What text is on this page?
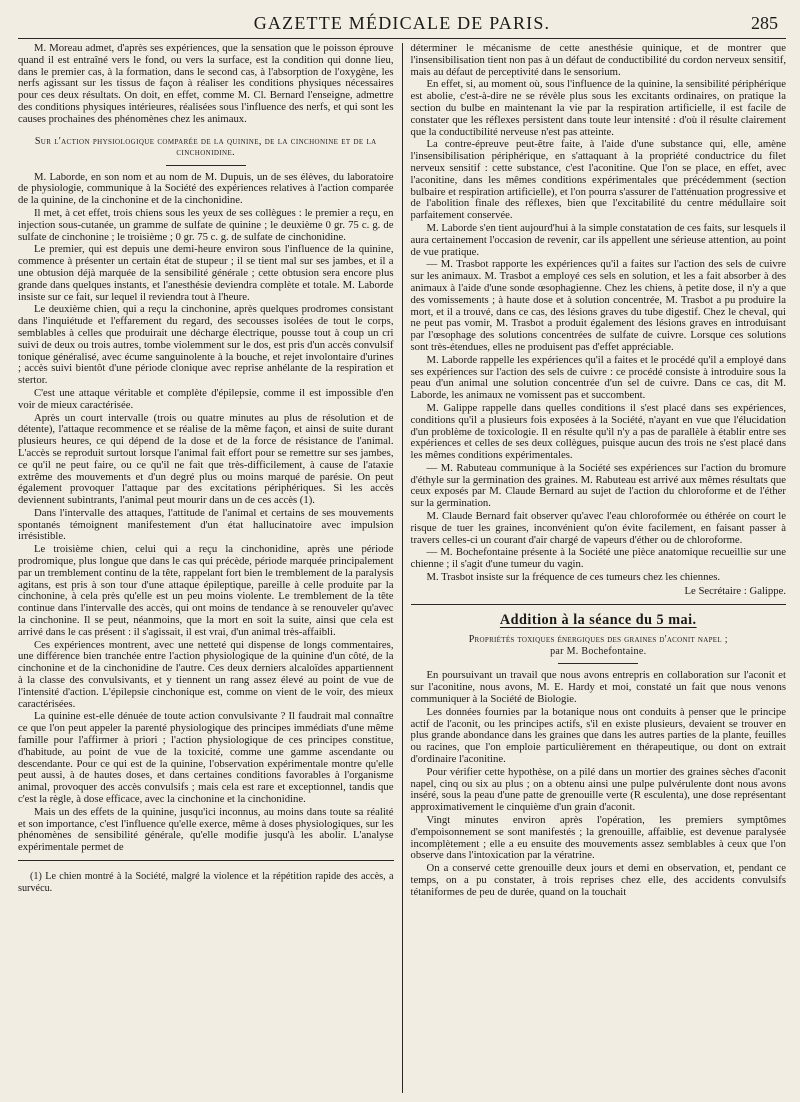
GAZETTE MÉDICALE DE PARIS.	285

M. Moreau admet, d'après ses expériences, que la sensation que le poisson éprouve quand il est entraîné vers le fond, ou vers la surface, est la condition qui donne lieu, dans le premier cas, à la formation, dans le second cas, à l'absorption de l'oxygène, les nerfs agissant sur les tissus de façon à réaliser les conditions physiques nécessaires pour ces deux résultats. On doit, en effet, comme M. Cl. Bernard l'enseigne, admettre des conditions physiques intérieures, réalisées sous l'influence des nerfs, et qui sont les causes prochaines des phénomènes chez les animaux.

Sur l'action physiologique comparée de la quinine, de la cinchonine et de la cinchonidine.

M. Laborde, en son nom et au nom de M. Dupuis, un de ses élèves, du laboratoire de physiologie, communique à la Société des expériences relatives à l'action comparée de la quinine, de la cinchonine et de la cinchonidine.

Il met, à cet effet, trois chiens sous les yeux de ses collègues : le premier a reçu, en injection sous-cutanée, un gramme de sulfate de quinine ; le deuxième 0 gr. 75 c. g. de sulfate de cinchonine ; le troisième ; 0 gr. 75 c. g. de sulfate de cinchonidine.

Le premier, qui est depuis une demi-heure environ sous l'influence de la quinine, commence à présenter un certain état de stupeur ; il se tient mal sur ses jambes, et il a une obtusion déjà marquée de la sensibilité générale ; cette obtusion sera encore plus grande dans quelques instants, et l'anesthésie deviendra complète et totale. M. Laborde insiste sur ce fait, sur lequel il reviendra tout à l'heure.

Le deuxième chien, qui a reçu la cinchonine, après quelques prodromes consistant dans l'inquiétude et l'effarement du regard, des secousses isolées de tout le corps, semblables à celles que produirait une décharge électrique, pousse tout à coup un cri suivi de deux ou trois autres, tombe violemment sur le dos, est pris d'un accès convulsif tonique généralisé, avec écume sanguinolente à la bouche, et rejet involontaire d'urines ; accès suivi bientôt d'une période clonique avec reprise anhélante de la respiration et stertor.

C'est une attaque véritable et complète d'épilepsie, comme il est impossible d'en voir de mieux caractérisée.

Après un court intervalle (trois ou quatre minutes au plus de résolution et de détente), l'attaque recommence et se réalise de la même façon, et ainsi de suite durant plusieurs heures, ce qui dépend de la dose et de la force de résistance de l'animal. L'accès se reproduit surtout lorsque l'animal fait effort pour se remettre sur ses jambes, ce qu'il ne peut faire, ou ce qu'il ne fait que très-difficilement, à cause de l'ataxie extrême des mouvements et d'un degré plus ou moins marqué de parésie. On peut également provoquer l'attaque par des excitations périphériques. Si les accès deviennent subintrants, l'animal peut mourir dans un de ces accès (1).

Dans l'intervalle des attaques, l'attitude de l'animal et certains de ses mouvements spontanés témoignent manifestement d'un état hallucinatoire avec impulsion irrésistible.

Le troisième chien, celui qui a reçu la cinchonidine, après une période prodromique, plus longue que dans le cas qui précède, période marquée principalement par un tremblement continu de la tête, rappelant fort bien le tremblement de la paralysis agitans, est pris à son tour d'une attaque épileptique, pareille à celle produite par la cinchonine, à cela près qu'elle est un peu moins violente. Le tremblement de la tête continue dans l'intervalle des accès, qui ont moins de tendance à se renouveler qu'avec la cinchonine. Il se peut, néanmoins, que la mort en soit la suite, ainsi que cela est arrivé dans le cas présent : il s'agissait, il est vrai, d'un animal très-affaibli.

Ces expériences montrent, avec une netteté qui dispense de longs commentaires, une différence bien tranchée entre l'action physiologique de la quinine d'un côté, de la cinchonine et de la cinchonidine de l'autre. Ces deux derniers alcaloïdes appartiennent à la classe des convulsivants, et y tiennent un rang assez élevé au point de vue de l'intensité d'action. L'épilepsie cinchonique est, comme on vient de le voir, des mieux caractérisées.

La quinine est-elle dénuée de toute action convulsivante ? Il faudrait mal connaître ce que l'on peut appeler la parenté physiologique des principes immédiats d'une même famille pour l'affirmer à priori ; l'action physiologique de ces principes constitue, d'habitude, au point de vue de la toxicité, comme une gamme ascendante ou descendante. Pour ce qui est de la quinine, l'observation expérimentale montre qu'elle peut aussi, à de hautes doses, et dans certaines conditions favorables à l'organisme animal, provoquer des accès convulsifs ; mais cela est rare et exceptionnel, tandis que c'est la règle, à dose efficace, avec la cinchonine et la cinchonidine.

Mais un des effets de la quinine, jusqu'ici inconnus, au moins dans toute sa réalité et son importance, c'est l'influence qu'elle exerce, même à doses physiologiques, sur les phénomènes de sensibilité générale, qu'elle modifie jusqu'à les abolir. L'analyse expérimentale permet de

(1) Le chien montré à la Société, malgré la violence et la répétition rapide des accès, a survécu.

déterminer le mécanisme de cette anesthésie quinique, et de montrer que l'insensibilisation tient non pas à un défaut de conductibilité du cordon nerveux sensitif, mais au défaut de perceptivité dans le sensorium.

En effet, si, au moment où, sous l'influence de la quinine, la sensibilité périphérique est abolie, c'est-à-dire ne se révèle plus sous les excitants ordinaires, on pratique la section du bulbe en maintenant la vie par la respiration artificielle, il est facile de constater que les réflexes persistent dans toute leur intensité : d'où il résulte clairement que la conductibilité nerveuse n'est pas atteinte.

La contre-épreuve peut-être faite, à l'aide d'une substance qui, elle, amène l'insensibilisation périphérique, en s'attaquant à la propriété conductrice du filet nerveux sensitif : cette substance, c'est l'aconitine. Que l'on se place, en effet, avec l'aconitine, dans les mêmes conditions expérimentales que précédemment (section bulbaire et respiration artificielle), et l'on pourra s'assurer de l'atténuation progressive et de l'abolition finale des réflexes, bien que l'excitabilité du centre médullaire soit parfaitement conservée.

M. Laborde s'en tient aujourd'hui à la simple constatation de ces faits, sur lesquels il aura certainement l'occasion de revenir, car ils appellent une sérieuse attention, au point de vue pratique.

— M. Trasbot rapporte les expériences qu'il a faites sur l'action des sels de cuivre sur les animaux. M. Trasbot a employé ces sels en solution, et les a fait absorber à des animaux à l'aide d'une sonde œsophagienne. Chez les chiens, à petite dose, il n'y a que des vomissements ; à haute dose et à solution concentrée, M. Trasbot a pu produire la mort, et il a trouvé, dans ce cas, des lésions graves du tube digestif. Chez le cheval, qui ne peut pas vomir, M. Trasbot a produit également des lésions graves en introduisant par l'œsophage des solutions concentrées de sulfate de cuivre. Lorsque ces solutions sont très-étendues, elles ne produisent pas d'effet appréciable.

M. Laborde rappelle les expériences qu'il a faites et le procédé qu'il a employé dans ses expériences sur l'action des sels de cuivre : ce procédé consiste à introduire sous la peau d'un animal une solution concentrée d'un sel de cuivre. Dans ce cas, dit M. Laborde, les animaux ne vomissent pas et succombent.

M. Galippe rappelle dans quelles conditions il s'est placé dans ses expériences, conditions qu'il a plusieurs fois exposées à la Société, n'ayant en vue que l'élucidation d'un problème de toxicologie. Il en résulte qu'il n'y a pas de parallèle à établir entre ses expériences et celles de ses deux collègues, puisque aucun des trois ne s'est placé dans les mêmes conditions expérimentales.

— M. Rabuteau communique à la Société ses expériences sur l'action du bromure d'éthyle sur la germination des graines. M. Rabuteau est arrivé aux mêmes résultats que ceux exposés par M. Claude Bernard au sujet de l'action du chloroforme et de l'éther sur la germination.

M. Claude Bernard fait observer qu'avec l'eau chloroformée ou éthérée on court le risque de tuer les graines, inconvénient qu'on évite facilement, en faisant passer à travers celles-ci un courant d'air chargé de vapeurs d'éther ou de chloroforme.

— M. Bochefontaine présente à la Société une pièce anatomique recueillie sur une chienne ; il s'agit d'une tumeur du vagin.

M. Trasbot insiste sur la fréquence de ces tumeurs chez les chiennes.

Le Secrétaire : Galippe.

Addition à la séance du 5 mai.
Propriétés toxiques énergiques des graines d'aconit napel ;
par M. Bochefontaine.

En poursuivant un travail que nous avons entrepris en collaboration sur l'aconit et sur l'aconitine, nous avons, M. E. Hardy et moi, constaté un fait que nous venons communiquer à la Société de Biologie.

Les données fournies par la botanique nous ont conduits à penser que le principe actif de l'aconit, ou les principes actifs, s'il en existe plusieurs, devaient se trouver en plus grande abondance dans les graines que dans les autres parties de la plante, feuilles ou racines, que l'on emploie particulièrement en thérapeutique, ou dont on extrait d'ordinaire l'aconitine.

Pour vérifier cette hypothèse, on a pilé dans un mortier des graines sèches d'aconit napel, cinq ou six au plus ; on a obtenu ainsi une pulpe pulvérulente dont nous avons inséré, sous la peau d'une patte de grenouille verte (R esculenta), une dose représentant approximativement le cinquième d'un grain d'aconit.

Vingt minutes environ après l'opération, les premiers symptômes d'empoisonnement se sont manifestés ; la grenouille, affaiblie, est devenue paralysée incomplètement ; elle a eu ensuite des mouvements assez semblables à ceux que l'on observe dans l'intoxication par la vératrine.

On a conservé cette grenouille deux jours et demi en observation, et, pendant ce temps, on a pu constater, à trois reprises chez elle, des accidents convulsifs tétaniformes de peu de durée, quand on la touchait
